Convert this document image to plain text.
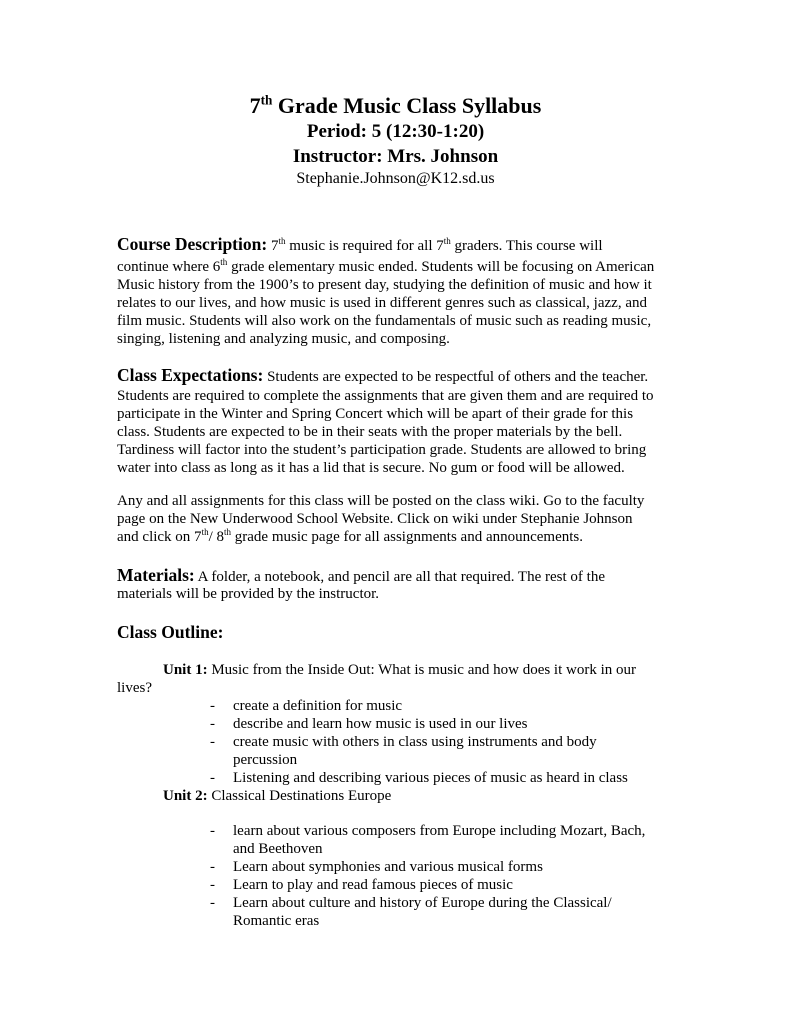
7th Grade Music Class Syllabus
Period: 5 (12:30-1:20)
Instructor: Mrs. Johnson
Stephanie.Johnson@K12.sd.us
Course Description: 7th music is required for all 7th graders. This course will
continue where 6th grade elementary music ended. Students will be focusing on American
Music history from the 1900’s to present day, studying the definition of music and how it
relates to our lives, and how music is used in different genres such as classical, jazz, and
film music. Students will also work on the fundamentals of music such as reading music,
singing, listening and analyzing music, and composing.
Class Expectations: Students are expected to be respectful of others and the teacher.
Students are required to complete the assignments that are given them and are required to
participate in the Winter and Spring Concert which will be apart of their grade for this
class. Students are expected to be in their seats with the proper materials by the bell.
Tardiness will factor into the student’s participation grade. Students are allowed to bring
water into class as long as it has a lid that is secure. No gum or food will be allowed.
Any and all assignments for this class will be posted on the class wiki. Go to the faculty
page on the New Underwood School Website. Click on wiki under Stephanie Johnson
and click on 7th/ 8th grade music page for all assignments and announcements.
Materials: A folder, a notebook, and pencil are all that required. The rest of the
materials will be provided by the instructor.
Class Outline:
Unit 1: Music from the Inside Out: What is music and how does it work in our
lives?
- create a definition for music
- describe and learn how music is used in our lives
- create music with others in class using instruments and body
percussion
- Listening and describing various pieces of music as heard in class
Unit 2: Classical Destinations Europe
- learn about various composers from Europe including Mozart, Bach,
and Beethoven
- Learn about symphonies and various musical forms
- Learn to play and read famous pieces of music
- Learn about culture and history of Europe during the Classical/
Romantic eras
